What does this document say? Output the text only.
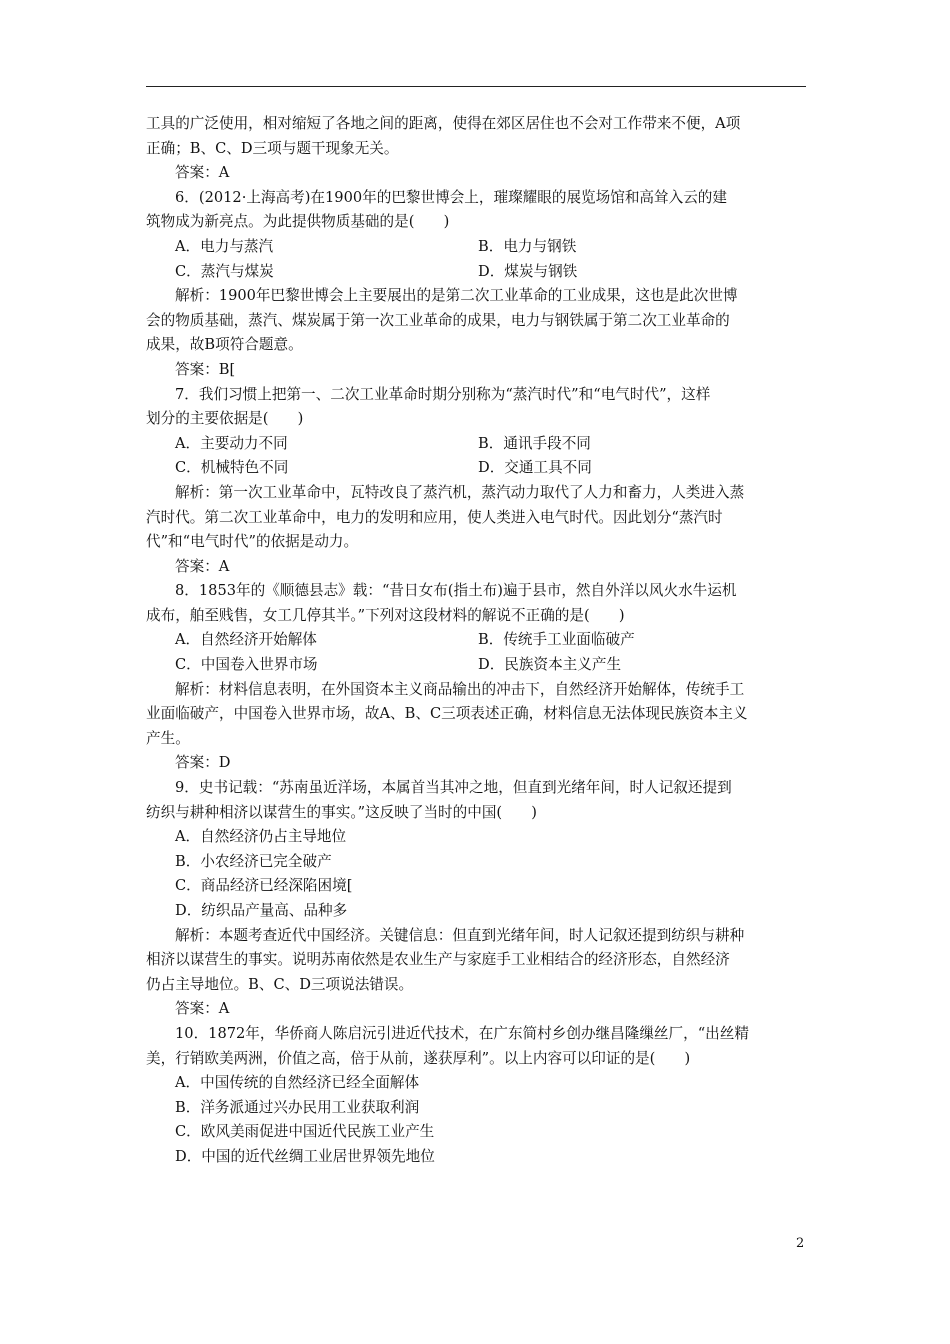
工具的广泛使用，相对缩短了各地之间的距离，使得在郊区居住也不会对工作带来不便，A项
正确；B、C、D三项与题干现象无关。
答案：A
6．(2012·上海高考)在1900年的巴黎世博会上，璀璨耀眼的展览场馆和高耸入云的建
筑物成为新亮点。为此提供物质基础的是(　　)
A．电力与蒸汽	B．电力与钢铁
C．蒸汽与煤炭	D．煤炭与钢铁
解析：1900年巴黎世博会上主要展出的是第二次工业革命的工业成果，这也是此次世博
会的物质基础，蒸汽、煤炭属于第一次工业革命的成果，电力与钢铁属于第二次工业革命的
成果，故B项符合题意。
答案：B[
7．我们习惯上把第一、二次工业革命时期分别称为“蒸汽时代”和“电气时代”，这样
划分的主要依据是(　　)
A．主要动力不同	B．通讯手段不同
C．机械特色不同	D．交通工具不同
解析：第一次工业革命中，瓦特改良了蒸汽机，蒸汽动力取代了人力和畜力，人类进入蒸
汽时代。第二次工业革命中，电力的发明和应用，使人类进入电气时代。因此划分“蒸汽时
代”和“电气时代”的依据是动力。
答案：A
8．1853年的《顺德县志》载：“昔日女布(指土布)遍于县市，然自外洋以风火水牛运机
成布，舶至贱售，女工几停其半。”下列对这段材料的解说不正确的是(　　)
A．自然经济开始解体	B．传统手工业面临破产
C．中国卷入世界市场	D．民族资本主义产生
解析：材料信息表明，在外国资本主义商品输出的冲击下，自然经济开始解体，传统手工
业面临破产，中国卷入世界市场，故A、B、C三项表述正确，材料信息无法体现民族资本主义
产生。
答案：D
9．史书记载：“苏南虽近洋场，本属首当其冲之地，但直到光绪年间，时人记叙还提到
纺织与耕种相济以谋营生的事实。”这反映了当时的中国(　　)
A．自然经济仍占主导地位
B．小农经济已完全破产
C．商品经济已经深陷困境[
D．纺织品产量高、品种多
解析：本题考查近代中国经济。关键信息：但直到光绪年间，时人记叙还提到纺织与耕种
相济以谋营生的事实。说明苏南依然是农业生产与家庭手工业相结合的经济形态，自然经济
仍占主导地位。B、C、D三项说法错误。
答案：A
10．1872年，华侨商人陈启沅引进近代技术，在广东简村乡创办继昌隆缫丝厂，“出丝精
美，行销欧美两洲，价值之高，倍于从前，遂获厚利”。以上内容可以印证的是(　　)
A．中国传统的自然经济已经全面解体
B．洋务派通过兴办民用工业获取利润
C．欧风美雨促进中国近代民族工业产生
D．中国的近代丝绸工业居世界领先地位
2
